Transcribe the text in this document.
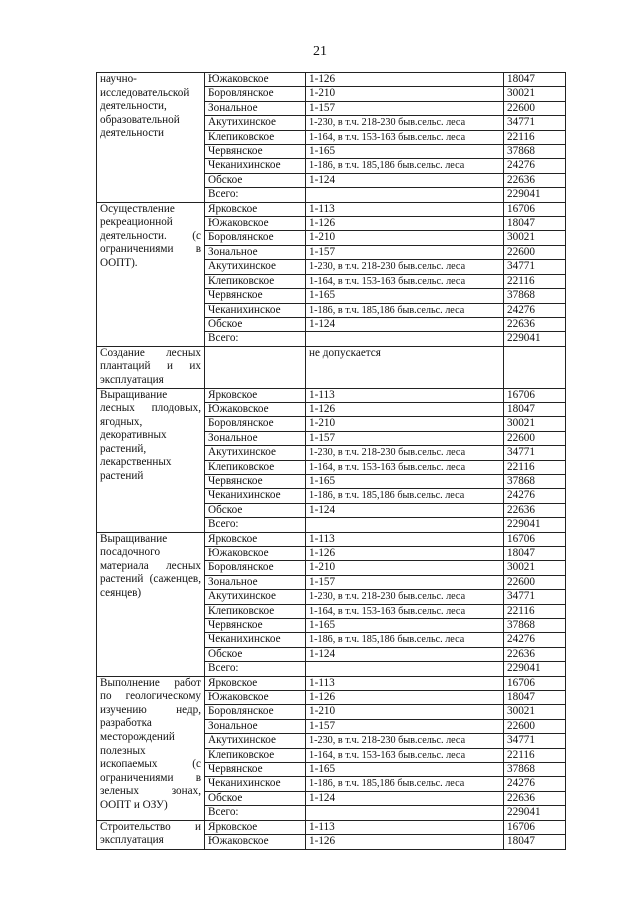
21
научно-исследовательской деятельности, образовательной деятельности	Южаковское	1-126	18047
	Боровлянское	1-210	30021
	Зональное	1-157	22600
	Акутихинское	1-230, в т.ч. 218-230 быв.сельс. леса	34771
	Клепиковское	1-164, в т.ч. 153-163 быв.сельс. леса	22116
	Червянское	1-165	37868
	Чеканихинское	1-186, в т.ч. 185,186 быв.сельс. леса	24276
	Обское	1-124	22636
	Всего:		229041
Осуществление рекреационной деятельности. (с ограничениями в ООПТ).	Ярковское	1-113	16706
	Южаковское	1-126	18047
	Боровлянское	1-210	30021
	Зональное	1-157	22600
	Акутихинское	1-230, в т.ч. 218-230 быв.сельс. леса	34771
	Клепиковское	1-164, в т.ч. 153-163 быв.сельс. леса	22116
	Червянское	1-165	37868
	Чеканихинское	1-186, в т.ч. 185,186 быв.сельс. леса	24276
	Обское	1-124	22636
	Всего:		229041
Создание лесных плантаций и их эксплуатация		не допускается	
Выращивание лесных плодовых, ягодных, декоративных растений, лекарственных растений	Ярковское	1-113	16706
	Южаковское	1-126	18047
	Боровлянское	1-210	30021
	Зональное	1-157	22600
	Акутихинское	1-230, в т.ч. 218-230 быв.сельс. леса	34771
	Клепиковское	1-164, в т.ч. 153-163 быв.сельс. леса	22116
	Червянское	1-165	37868
	Чеканихинское	1-186, в т.ч. 185,186 быв.сельс. леса	24276
	Обское	1-124	22636
	Всего:		229041
Выращивание посадочного материала лесных растений (саженцев, сеянцев)	Ярковское	1-113	16706
	Южаковское	1-126	18047
	Боровлянское	1-210	30021
	Зональное	1-157	22600
	Акутихинское	1-230, в т.ч. 218-230 быв.сельс. леса	34771
	Клепиковское	1-164, в т.ч. 153-163 быв.сельс. леса	22116
	Червянское	1-165	37868
	Чеканихинское	1-186, в т.ч. 185,186 быв.сельс. леса	24276
	Обское	1-124	22636
	Всего:		229041
Выполнение работ по геологическому изучению недр, разработка месторождений полезных ископаемых (с ограничениями в зеленых зонах, ООПТ и ОЗУ)	Ярковское	1-113	16706
	Южаковское	1-126	18047
	Боровлянское	1-210	30021
	Зональное	1-157	22600
	Акутихинское	1-230, в т.ч. 218-230 быв.сельс. леса	34771
	Клепиковское	1-164, в т.ч. 153-163 быв.сельс. леса	22116
	Червянское	1-165	37868
	Чеканихинское	1-186, в т.ч. 185,186 быв.сельс. леса	24276
	Обское	1-124	22636
	Всего:		229041
Строительство и эксплуатация	Ярковское	1-113	16706
	Южаковское	1-126	18047
